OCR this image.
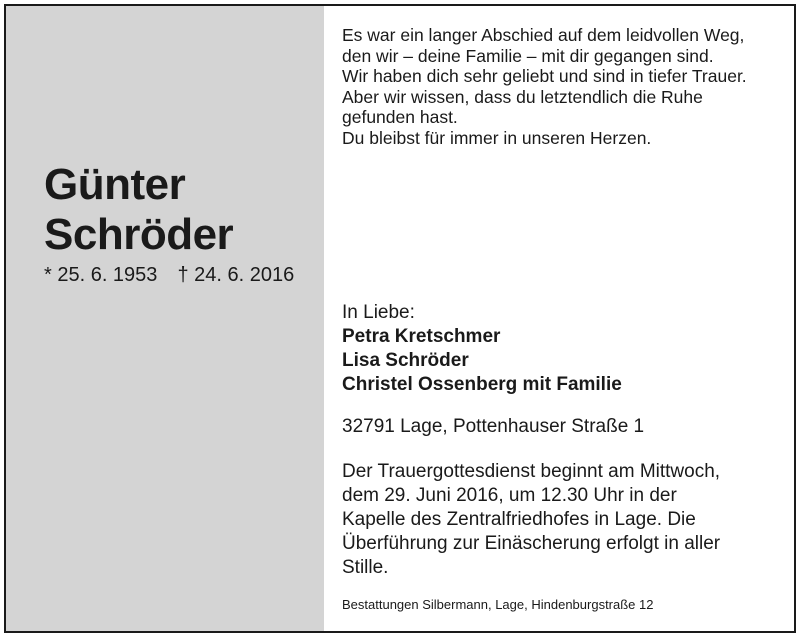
Günter
Schröder
* 25. 6. 1953 † 24. 6. 2016
Es war ein langer Abschied auf dem leidvollen Weg,
den wir – deine Familie – mit dir gegangen sind.
Wir haben dich sehr geliebt und sind in tiefer Trauer.
Aber wir wissen, dass du letztendlich die Ruhe
gefunden hast.
Du bleibst für immer in unseren Herzen.
In Liebe:
Petra Kretschmer
Lisa Schröder
Christel Ossenberg mit Familie
32791 Lage, Pottenhauser Straße 1
Der Trauergottesdienst beginnt am Mittwoch,
dem 29. Juni 2016, um 12.30 Uhr in der
Kapelle des Zentralfriedhofes in Lage. Die
Überführung zur Einäscherung erfolgt in aller
Stille.
Bestattungen Silbermann, Lage, Hindenburgstraße 12
